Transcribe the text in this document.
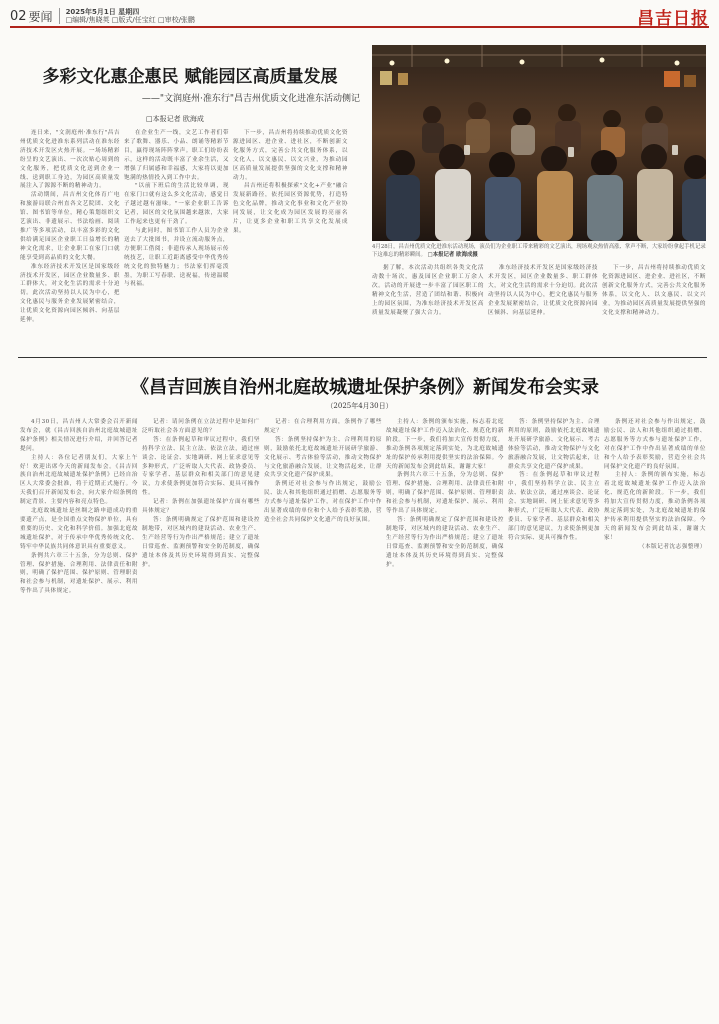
02 要闻	2025年5月1日 星期四
□编辑/焦晓英 □版式/任宝红 □审校/张鹏	昌吉日报
多彩文化惠企惠民 赋能园区高质量发展
——"文润庭州·准东行"昌吉州优质文化进准东活动侧记
□本报记者 欧海成

连日来，"文润庭州·准东行"昌吉州优质文化进准东系列活动在准东经济技术开发区火热开展。一场场精彩纷呈的文艺演出、一次次贴心周到的文化服务，把优质文化送到企业一线、送到职工身边，为园区高质量发展注入了源源不断的精神动力。

活动期间，昌吉州文化体育广电和旅游局联合州直各文艺院团、文化馆、图书馆等单位，精心策划组织文艺演出、非遗展示、书法绘画、阅读推广等多项活动，以丰富多彩的文化供给满足园区企业职工日益增长的精神文化需求，让企业职工在家门口就能享受到高品质的文化大餐。

准东经济技术开发区是国家级经济技术开发区，园区企业数量多、职工群体大，对文化生活的需求十分迫切。此次活动坚持以人民为中心，把文化惠民与服务企业发展紧密结合，让优质文化资源向园区倾斜、向基层延伸。

在企业生产一线，文艺工作者们带来了歌舞、器乐、小品、朗诵等精彩节目，赢得现场阵阵掌声。职工们纷纷表示，这样的活动既丰富了业余生活，又增强了归属感和幸福感，大家将以更加饱满的热情投入到工作中去。

"以前下班后的生活比较单调，现在家门口就有这么多文化活动，感觉日子越过越有滋味。"一家企业职工告诉记者，园区的文化氛围越来越浓，大家工作起来也更有干劲了。

与此同时，图书馆工作人员为企业送去了大批图书，并设立流动服务点，方便职工借阅；非遗传承人现场展示传统技艺，让职工近距离感受中华优秀传统文化的独特魅力；书法家们挥毫泼墨，为职工写春联、送祝福，传递温暖与祝福。

下一步，昌吉州将持续推动优质文化资源进园区、进企业、进社区，不断创新文化服务方式，完善公共文化服务体系，以文化人、以文惠民、以文兴业，为推动园区高质量发展提供坚强的文化支撑和精神动力。

昌吉州还将积极探索"文化+产业"融合发展新路径，依托园区资源优势，打造特色文化品牌，推动文化事业和文化产业协同发展，让文化成为园区发展的亮丽名片，让更多企业和职工共享文化发展成果。

据了解，本次活动共组织各类文化活动数十场次，惠及园区企业职工万余人次。活动的开展进一步丰富了园区职工的精神文化生活，营造了团结和谐、积极向上的园区氛围，为准东经济技术开发区高质量发展凝聚了强大合力。

4月28日，昌吉州优质文化进准东活动现场，演员们为企业职工带来精彩的文艺演出，现场观众热情高涨、掌声不断，大家纷纷拿起手机记录下这难忘的精彩瞬间。 □本报记者 欧海成摄

准东经济技术开发区是国家级经济技术开发区，园区企业数量多、职工群体大，对文化生活的需求十分迫切。此次活动坚持以人民为中心，把文化惠民与服务企业发展紧密结合，让优质文化资源向园区倾斜、向基层延伸。

下一步，昌吉州将持续推动优质文化资源进园区、进企业、进社区，不断创新文化服务方式，完善公共文化服务体系，以文化人、以文惠民、以文兴业，为推动园区高质量发展提供坚强的文化支撑和精神动力。

《昌吉回族自治州北庭故城遗址保护条例》新闻发布会实录
（2025年4月30日）

4月30日，昌吉州人大常委会召开新闻发布会，就《昌吉回族自治州北庭故城遗址保护条例》相关情况进行介绍，并回答记者提问。

主持人：各位记者朋友们，大家上午好！欢迎出席今天的新闻发布会。《昌吉回族自治州北庭故城遗址保护条例》已经自治区人大常委会批准，将于近期正式施行。今天我们召开新闻发布会，向大家介绍条例的制定背景、主要内容和亮点特色。

北庭故城遗址是丝绸之路申遗成功的重要遗产点，是全国重点文物保护单位，具有重要的历史、文化和科学价值。加强北庭故城遗址保护，对于传承中华优秀传统文化、铸牢中华民族共同体意识具有重要意义。

条例共六章三十五条，分为总则、保护管理、保护措施、合理利用、法律责任和附则，明确了保护范围、保护原则、管理职责和社会参与机制，对遗址保护、展示、利用等作出了具体规定。

记者：请问条例在立法过程中是如何广泛听取社会各方面意见的？

答：在条例起草和审议过程中，我们坚持科学立法、民主立法、依法立法，通过座谈会、论证会、实地调研、网上征求意见等多种形式，广泛听取人大代表、政协委员、专家学者、基层群众和相关部门的意见建议，力求使条例更加符合实际、更具可操作性。

记者：条例在加强遗址保护方面有哪些具体规定？

答：条例明确规定了保护范围和建设控制地带，对区域内的建设活动、农业生产、生产经营等行为作出严格规范；建立了遗址日常巡查、监测预警和安全防范制度，确保遗址本体及其历史环境得到真实、完整保护。

记者：在合理利用方面，条例作了哪些规定？

答：条例坚持保护为主、合理利用的原则，鼓励依托北庭故城遗址开展研学旅游、文化展示、考古体验等活动，推动文物保护与文化旅游融合发展，让文物活起来，让群众共享文化遗产保护成果。

条例还对社会参与作出规定，鼓励公民、法人和其他组织通过捐赠、志愿服务等方式参与遗址保护工作，对在保护工作中作出显著成绩的单位和个人给予表彰奖励，营造全社会共同保护文化遗产的良好氛围。

主持人：条例的颁布实施，标志着北庭故城遗址保护工作迈入法治化、规范化的新阶段。下一步，我们将加大宣传贯彻力度，推动条例各项规定落到实处，为北庭故城遗址的保护传承利用提供坚实的法治保障。今天的新闻发布会到此结束，谢谢大家！

条例共六章三十五条，分为总则、保护管理、保护措施、合理利用、法律责任和附则，明确了保护范围、保护原则、管理职责和社会参与机制，对遗址保护、展示、利用等作出了具体规定。

答：条例明确规定了保护范围和建设控制地带，对区域内的建设活动、农业生产、生产经营等行为作出严格规范；建立了遗址日常巡查、监测预警和安全防范制度，确保遗址本体及其历史环境得到真实、完整保护。

答：条例坚持保护为主、合理利用的原则，鼓励依托北庭故城遗址开展研学旅游、文化展示、考古体验等活动，推动文物保护与文化旅游融合发展，让文物活起来，让群众共享文化遗产保护成果。

答：在条例起草和审议过程中，我们坚持科学立法、民主立法、依法立法，通过座谈会、论证会、实地调研、网上征求意见等多种形式，广泛听取人大代表、政协委员、专家学者、基层群众和相关部门的意见建议，力求使条例更加符合实际、更具可操作性。

条例还对社会参与作出规定，鼓励公民、法人和其他组织通过捐赠、志愿服务等方式参与遗址保护工作，对在保护工作中作出显著成绩的单位和个人给予表彰奖励，营造全社会共同保护文化遗产的良好氛围。

主持人：条例的颁布实施，标志着北庭故城遗址保护工作迈入法治化、规范化的新阶段。下一步，我们将加大宣传贯彻力度，推动条例各项规定落到实处，为北庭故城遗址的保护传承利用提供坚实的法治保障。今天的新闻发布会到此结束，谢谢大家！

（本版记者沈志强整理）
